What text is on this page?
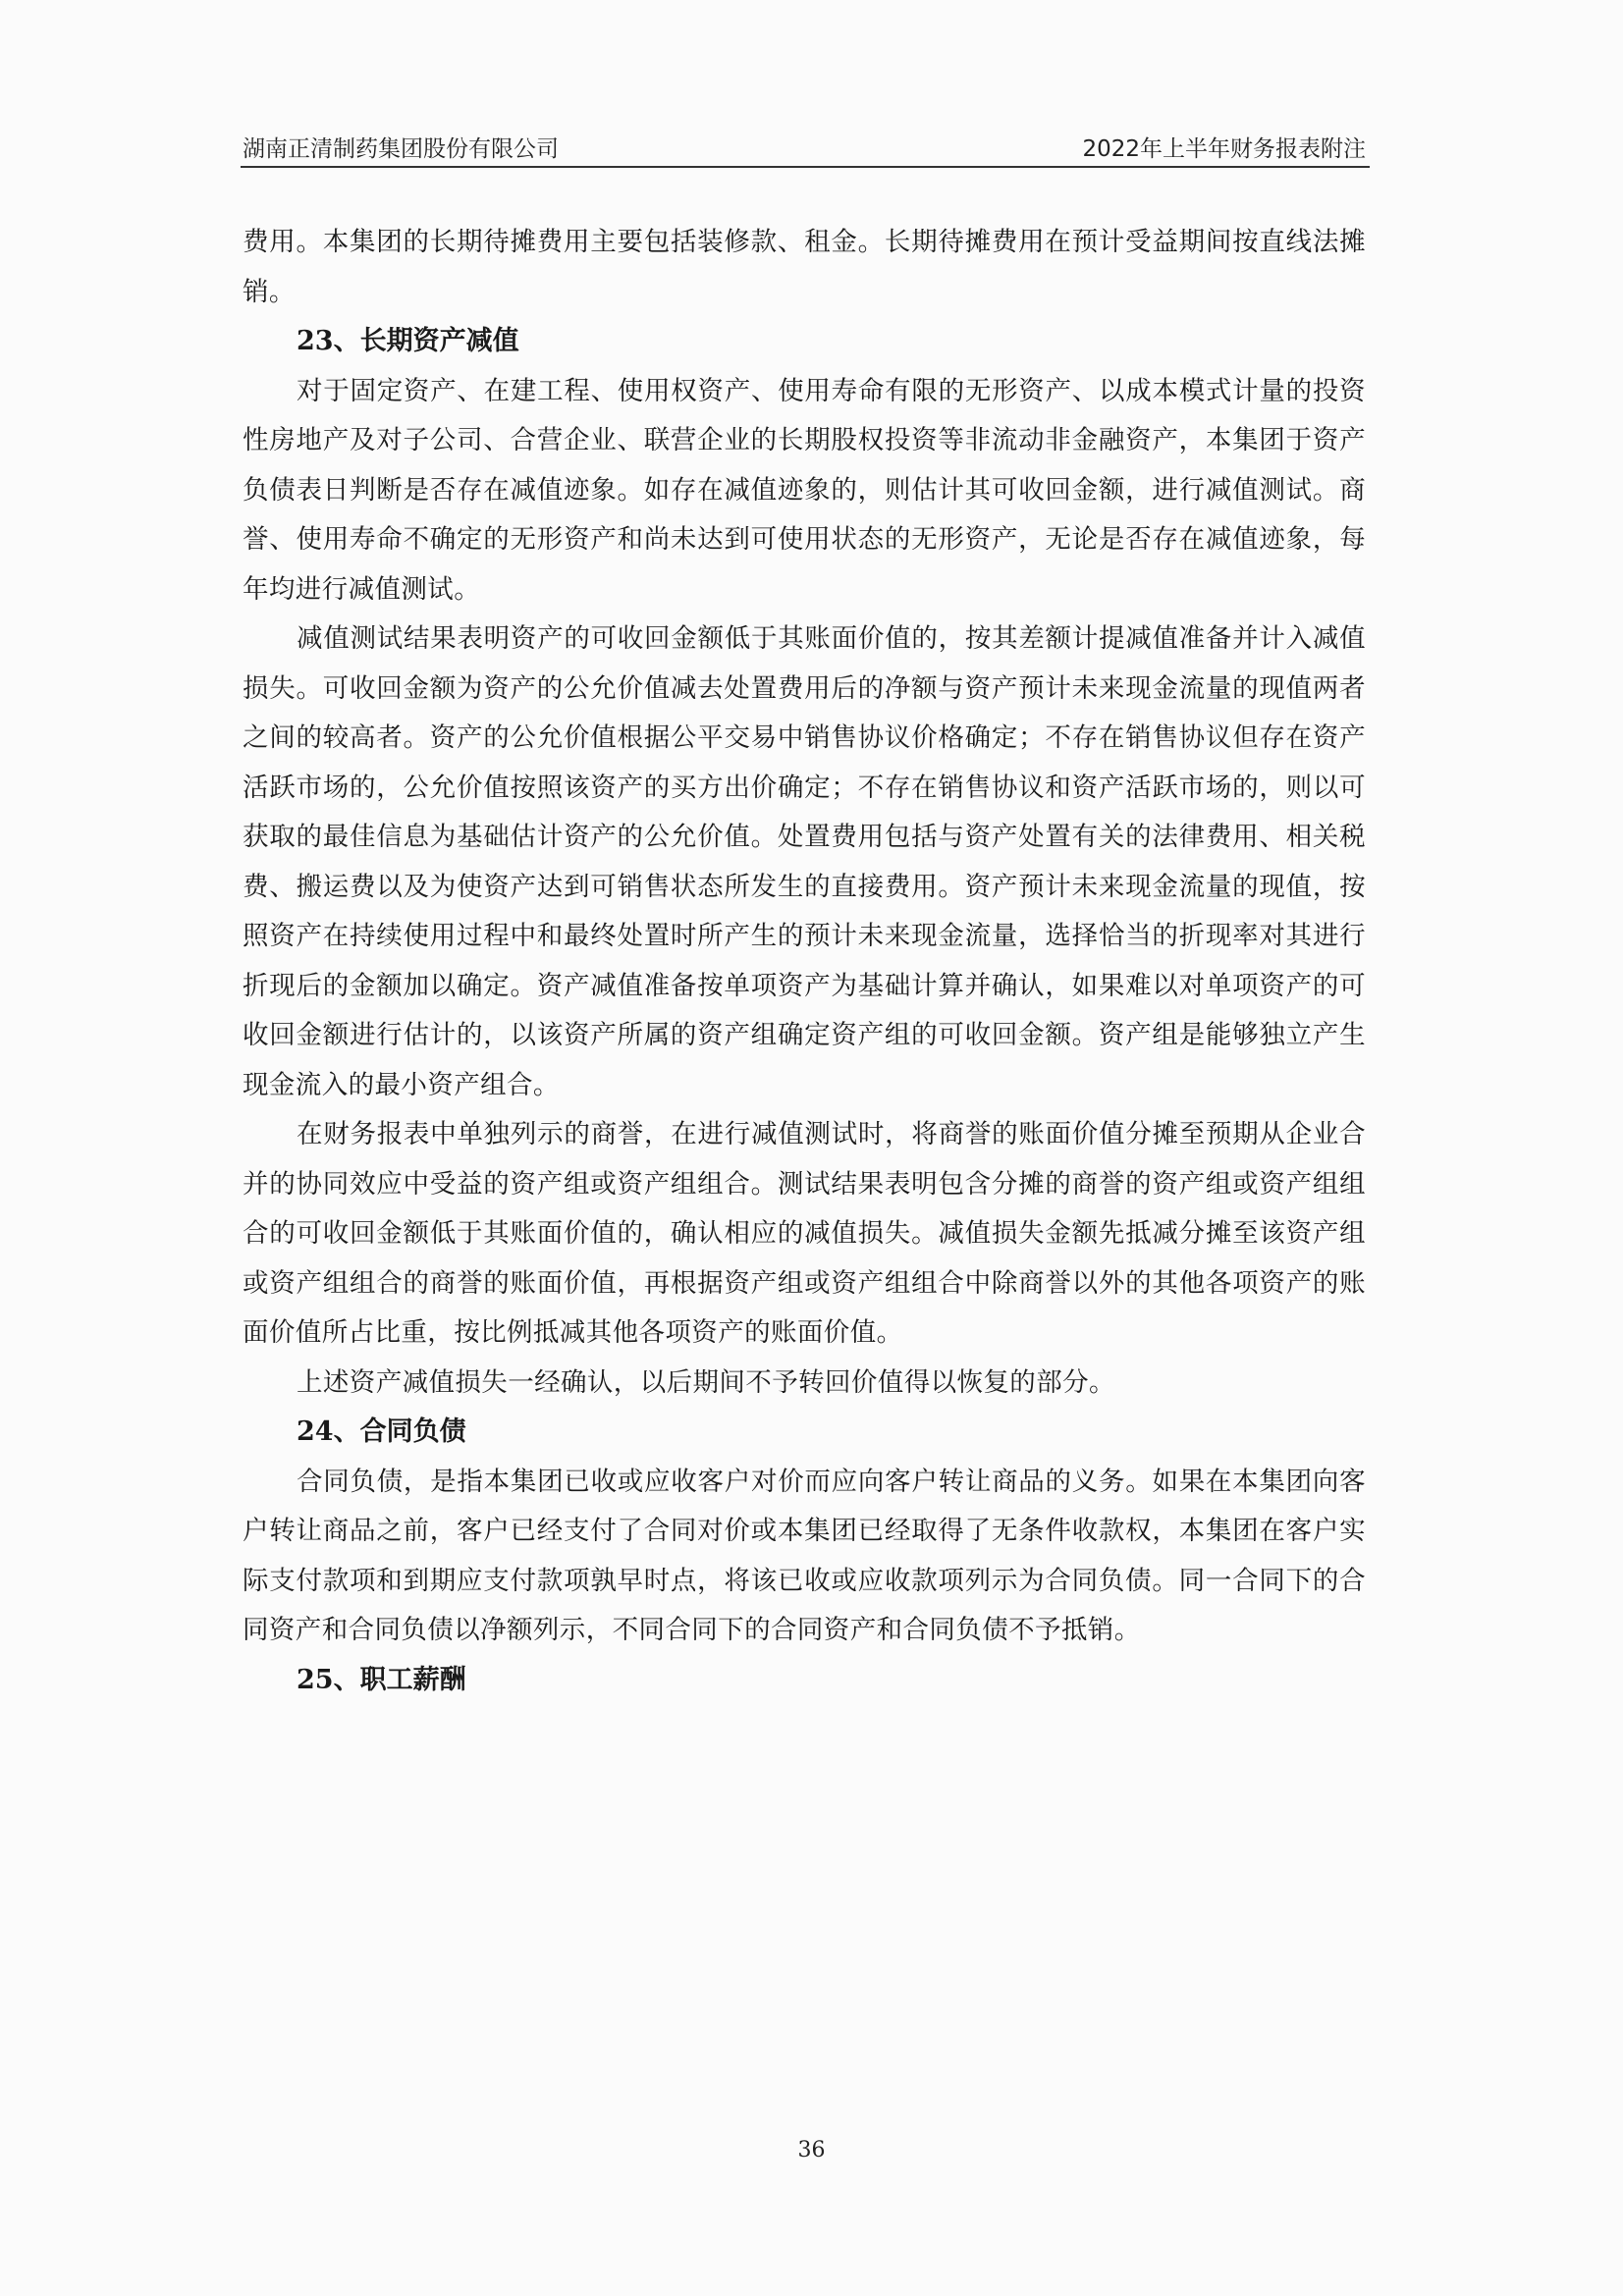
湖南正清制药集团股份有限公司	2022年上半年财务报表附注

费用。本集团的长期待摊费用主要包括装修款、租金。长期待摊费用在预计受益期间按直线法摊销。

23、长期资产减值

对于固定资产、在建工程、使用权资产、使用寿命有限的无形资产、以成本模式计量的投资性房地产及对子公司、合营企业、联营企业的长期股权投资等非流动非金融资产，本集团于资产负债表日判断是否存在减值迹象。如存在减值迹象的，则估计其可收回金额，进行减值测试。商誉、使用寿命不确定的无形资产和尚未达到可使用状态的无形资产，无论是否存在减值迹象，每年均进行减值测试。

减值测试结果表明资产的可收回金额低于其账面价值的，按其差额计提减值准备并计入减值损失。可收回金额为资产的公允价值减去处置费用后的净额与资产预计未来现金流量的现值两者之间的较高者。资产的公允价值根据公平交易中销售协议价格确定；不存在销售协议但存在资产活跃市场的，公允价值按照该资产的买方出价确定；不存在销售协议和资产活跃市场的，则以可获取的最佳信息为基础估计资产的公允价值。处置费用包括与资产处置有关的法律费用、相关税费、搬运费以及为使资产达到可销售状态所发生的直接费用。资产预计未来现金流量的现值，按照资产在持续使用过程中和最终处置时所产生的预计未来现金流量，选择恰当的折现率对其进行折现后的金额加以确定。资产减值准备按单项资产为基础计算并确认，如果难以对单项资产的可收回金额进行估计的，以该资产所属的资产组确定资产组的可收回金额。资产组是能够独立产生现金流入的最小资产组合。

在财务报表中单独列示的商誉，在进行减值测试时，将商誉的账面价值分摊至预期从企业合并的协同效应中受益的资产组或资产组组合。测试结果表明包含分摊的商誉的资产组或资产组组合的可收回金额低于其账面价值的，确认相应的减值损失。减值损失金额先抵减分摊至该资产组或资产组组合的商誉的账面价值，再根据资产组或资产组组合中除商誉以外的其他各项资产的账面价值所占比重，按比例抵减其他各项资产的账面价值。

上述资产减值损失一经确认，以后期间不予转回价值得以恢复的部分。

24、合同负债

合同负债，是指本集团已收或应收客户对价而应向客户转让商品的义务。如果在本集团向客户转让商品之前，客户已经支付了合同对价或本集团已经取得了无条件收款权，本集团在客户实际支付款项和到期应支付款项孰早时点，将该已收或应收款项列示为合同负债。同一合同下的合同资产和合同负债以净额列示，不同合同下的合同资产和合同负债不予抵销。

25、职工薪酬

36
